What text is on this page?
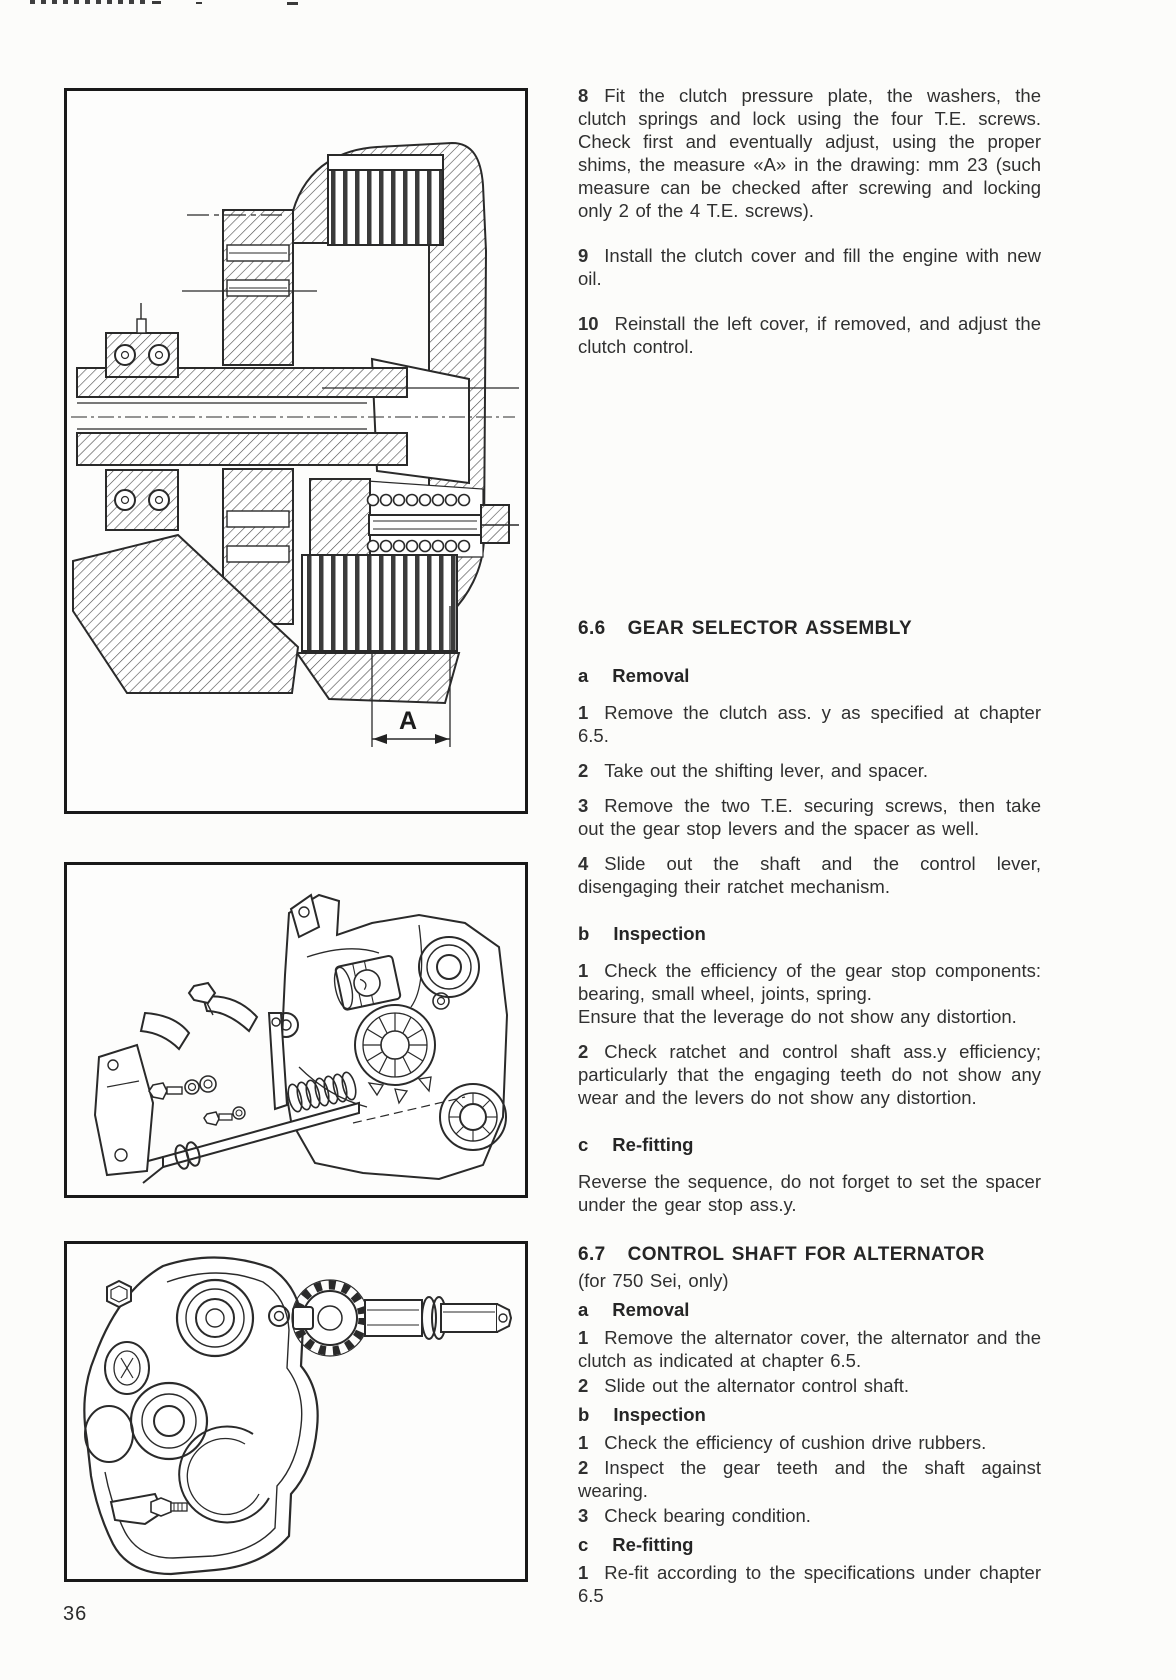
A

8 Fit the clutch pressure plate, the washers, the clutch springs and lock using the four T.E. screws. Check first and eventually adjust, using the proper shims, the measure «A» in the drawing: mm 23 (such measure can be checked after screwing and locking only 2 of the 4 T.E. screws).

9 Install the clutch cover and fill the engine with new oil.

10 Reinstall the left cover, if removed, and adjust the clutch control.

6.6 GEAR SELECTOR ASSEMBLY

a Removal

1 Remove the clutch ass. y as specified at chapter 6.5.

2 Take out the shifting lever, and spacer.

3 Remove the two T.E. securing screws, then take out the gear stop levers and the spacer as well.

4 Slide out the shaft and the control lever, disengaging their ratchet mechanism.

b Inspection

1 Check the efficiency of the gear stop components: bearing, small wheel, joints, spring.
Ensure that the leverage do not show any distortion.

2 Check ratchet and control shaft ass.y efficiency; particularly that the engaging teeth do not show any wear and the levers do not show any distortion.

c Re-fitting

Reverse the sequence, do not forget to set the spacer under the gear stop ass.y.

6.7 CONTROL SHAFT FOR ALTERNATOR

(for 750 Sei, only)

a Removal

1 Remove the alternator cover, the alternator and the clutch as indicated at chapter 6.5.

2 Slide out the alternator control shaft.

b Inspection

1 Check the efficiency of cushion drive rubbers.

2 Inspect the gear teeth and the shaft against wearing.

3 Check bearing condition.

c Re-fitting

1 Re-fit according to the specifications under chapter 6.5

36
